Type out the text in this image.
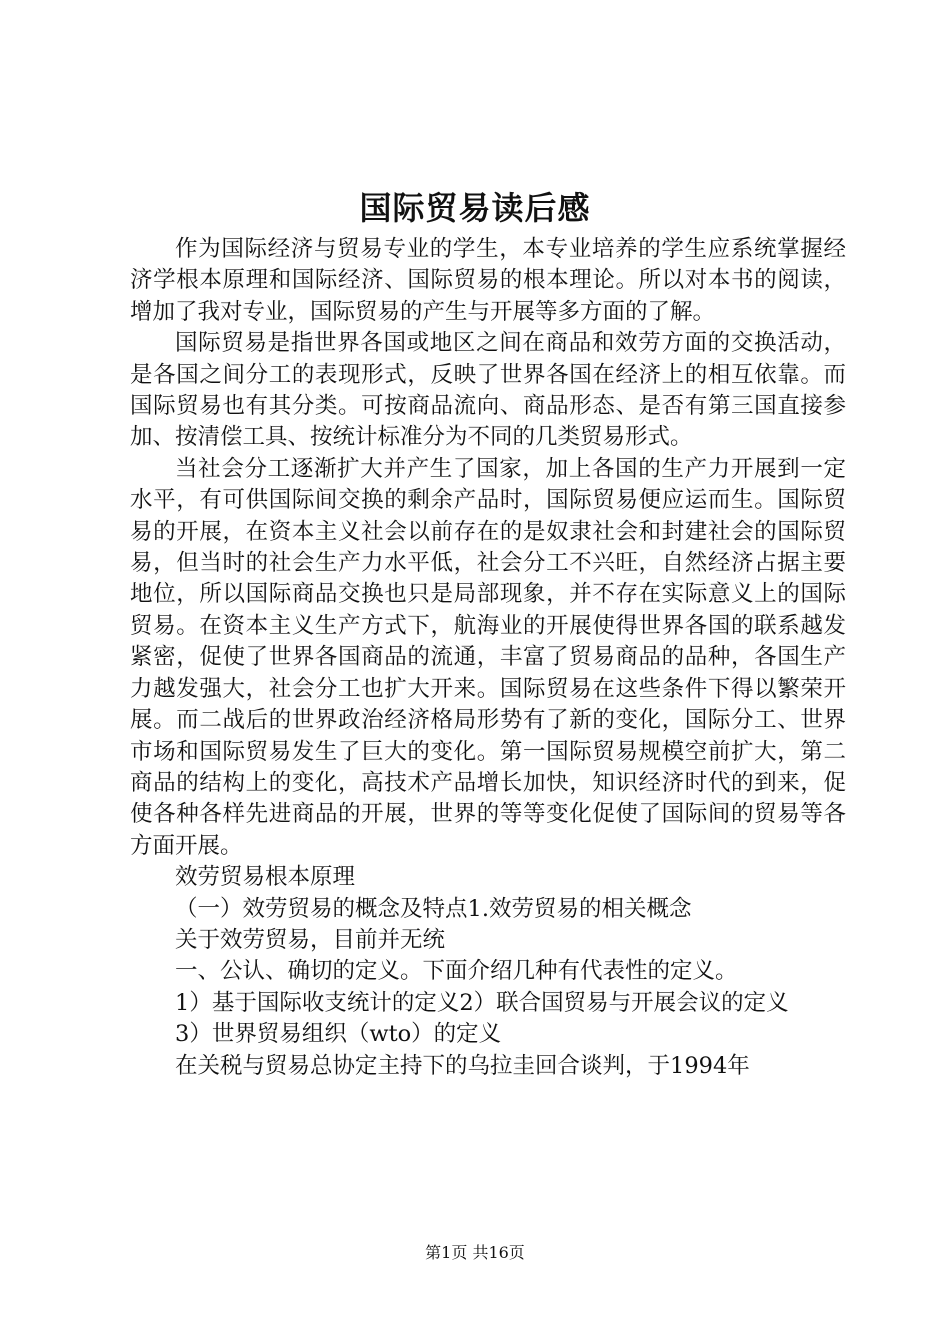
国际贸易读后感

作为国际经济与贸易专业的学生，本专业培养的学生应系统掌握经济学根本原理和国际经济、国际贸易的根本理论。所以对本书的阅读，增加了我对专业，国际贸易的产生与开展等多方面的了解。

国际贸易是指世界各国或地区之间在商品和效劳方面的交换活动，是各国之间分工的表现形式，反映了世界各国在经济上的相互依靠。而国际贸易也有其分类。可按商品流向、商品形态、是否有第三国直接参加、按清偿工具、按统计标准分为不同的几类贸易形式。

当社会分工逐渐扩大并产生了国家，加上各国的生产力开展到一定水平，有可供国际间交换的剩余产品时，国际贸易便应运而生。国际贸易的开展，在资本主义社会以前存在的是奴隶社会和封建社会的国际贸易，但当时的社会生产力水平低，社会分工不兴旺，自然经济占据主要地位，所以国际商品交换也只是局部现象，并不存在实际意义上的国际贸易。在资本主义生产方式下，航海业的开展使得世界各国的联系越发紧密，促使了世界各国商品的流通，丰富了贸易商品的品种，各国生产力越发强大，社会分工也扩大开来。国际贸易在这些条件下得以繁荣开展。而二战后的世界政治经济格局形势有了新的变化，国际分工、世界市场和国际贸易发生了巨大的变化。第一国际贸易规模空前扩大，第二商品的结构上的变化，高技术产品增长加快，知识经济时代的到来，促使各种各样先进商品的开展，世界的等等变化促使了国际间的贸易等各方面开展。

效劳贸易根本原理

（一）效劳贸易的概念及特点1.效劳贸易的相关概念

关于效劳贸易，目前并无统

一、公认、确切的定义。下面介绍几种有代表性的定义。

1）基于国际收支统计的定义2）联合国贸易与开展会议的定义

3）世界贸易组织（wto）的定义

在关税与贸易总协定主持下的乌拉圭回合谈判，于1994年

第1页 共16页
